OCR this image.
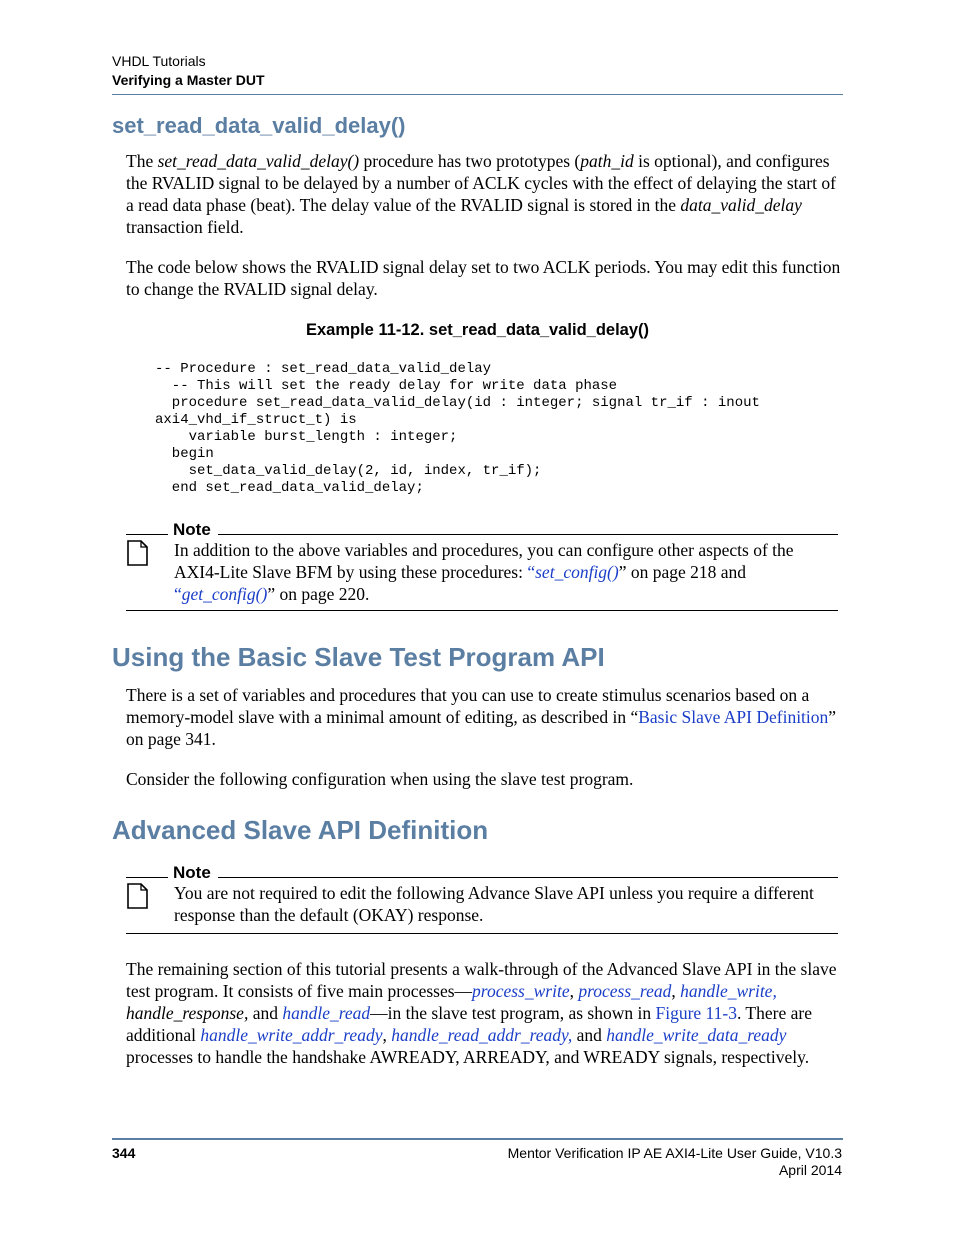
VHDL Tutorials
Verifying a Master DUT
set_read_data_valid_delay()

The set_read_data_valid_delay() procedure has two prototypes (path_id is optional), and configures the RVALID signal to be delayed by a number of ACLK cycles with the effect of delaying the start of a read data phase (beat). The delay value of the RVALID signal is stored in the data_valid_delay transaction field.

The code below shows the RVALID signal delay set to two ACLK periods. You may edit this function to change the RVALID signal delay.

Example 11-12. set_read_data_valid_delay()
-- Procedure : set_read_data_valid_delay
-- This will set the ready delay for write data phase
procedure set_read_data_valid_delay(id : integer; signal tr_if : inout
axi4_vhd_if_struct_t) is
variable burst_length : integer;
begin
set_data_valid_delay(2, id, index, tr_if);
end set_read_data_valid_delay;
Note
In addition to the above variables and procedures, you can configure other aspects of the AXI4-Lite Slave BFM by using these procedures: “set_config()” on page 218 and “get_config()” on page 220.
Using the Basic Slave Test Program API

There is a set of variables and procedures that you can use to create stimulus scenarios based on a memory-model slave with a minimal amount of editing, as described in “Basic Slave API Definition” on page 341.

Consider the following configuration when using the slave test program.

Advanced Slave API Definition
Note
You are not required to edit the following Advance Slave API unless you require a different response than the default (OKAY) response.

The remaining section of this tutorial presents a walk-through of the Advanced Slave API in the slave test program. It consists of five main processes—process_write, process_read, handle_write, handle_response, and handle_read—in the slave test program, as shown in Figure 11-3. There are additional handle_write_addr_ready, handle_read_addr_ready, and handle_write_data_ready processes to handle the handshake AWREADY, ARREADY, and WREADY signals, respectively.

344	Mentor Verification IP AE AXI4-Lite User Guide, V10.3
April 2014
